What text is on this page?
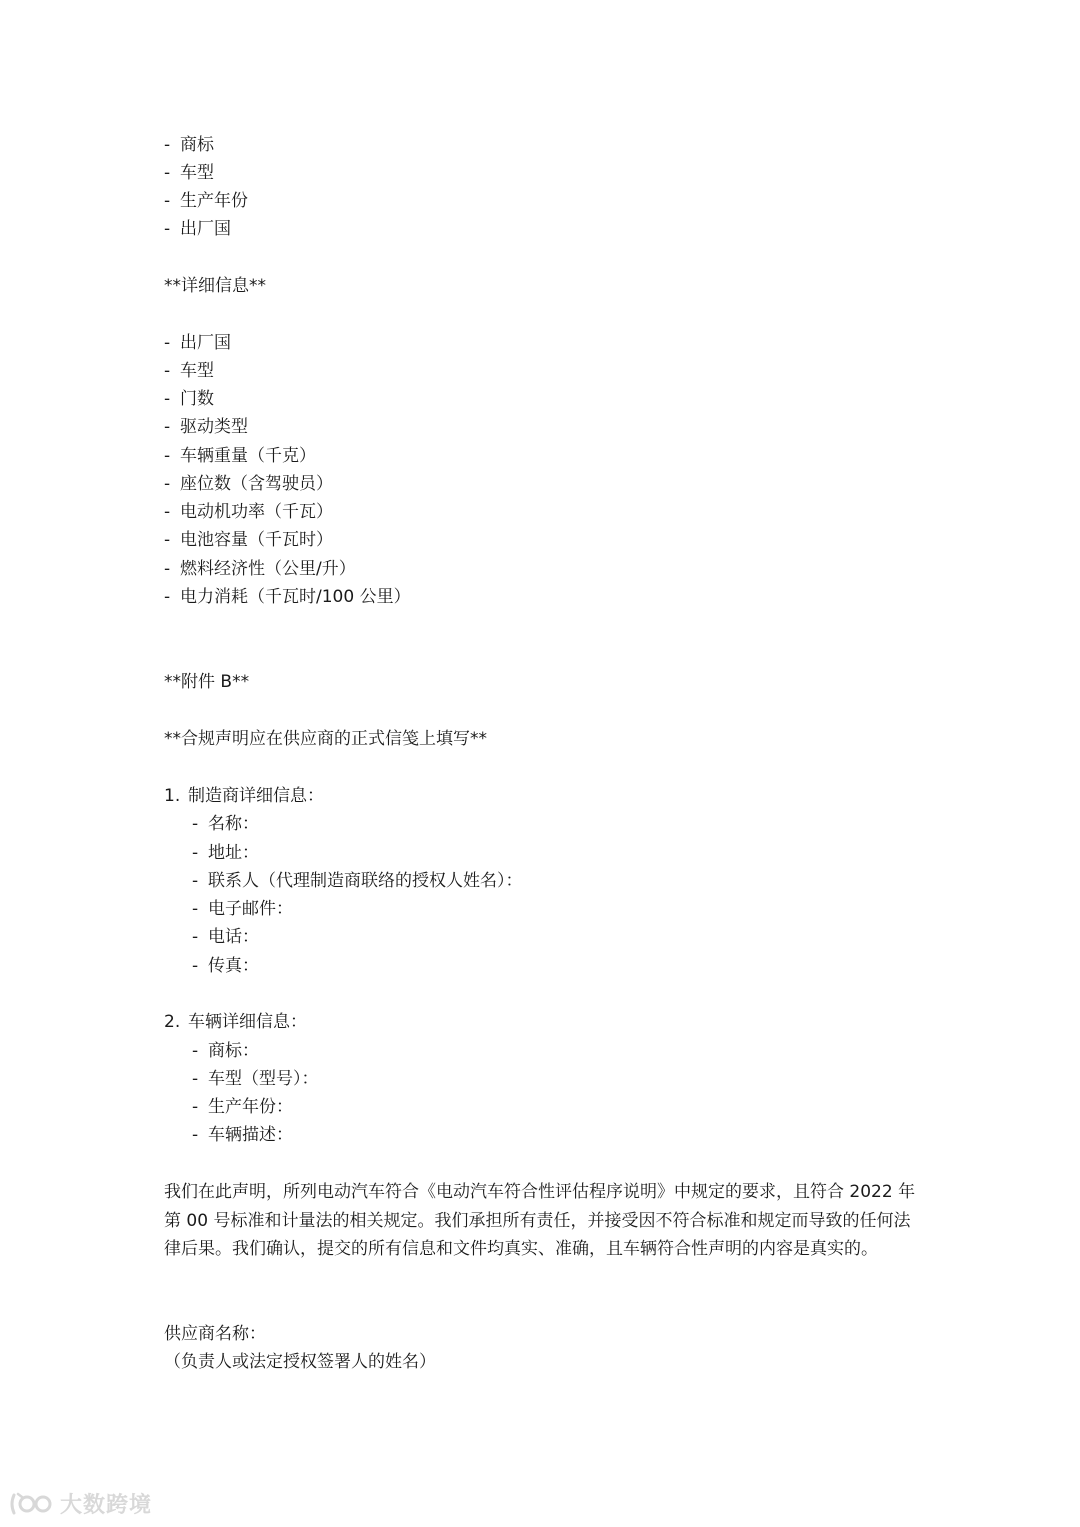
- 商标
- 车型
- 生产年份
- 出厂国
**详细信息**
- 出厂国
- 车型
- 门数
- 驱动类型
- 车辆重量（千克）
- 座位数（含驾驶员）
- 电动机功率（千瓦）
- 电池容量（千瓦时）
- 燃料经济性（公里/升）
- 电力消耗（千瓦时/100 公里）
**附件 B**
**合规声明应在供应商的正式信笺上填写**
1. 制造商详细信息：
- 名称：
- 地址：
- 联系人（代理制造商联络的授权人姓名）：
- 电子邮件：
- 电话：
- 传真：
2. 车辆详细信息：
- 商标：
- 车型（型号）：
- 生产年份：
- 车辆描述：
我们在此声明，所列电动汽车符合《电动汽车符合性评估程序说明》中规定的要求，且符合 2022 年第 00 号标准和计量法的相关规定。我们承担所有责任，并接受因不符合标准和规定而导致的任何法律后果。我们确认，提交的所有信息和文件均真实、准确，且车辆符合性声明的内容是真实的。
供应商名称：
（负责人或法定授权签署人的姓名）
大数跨境
